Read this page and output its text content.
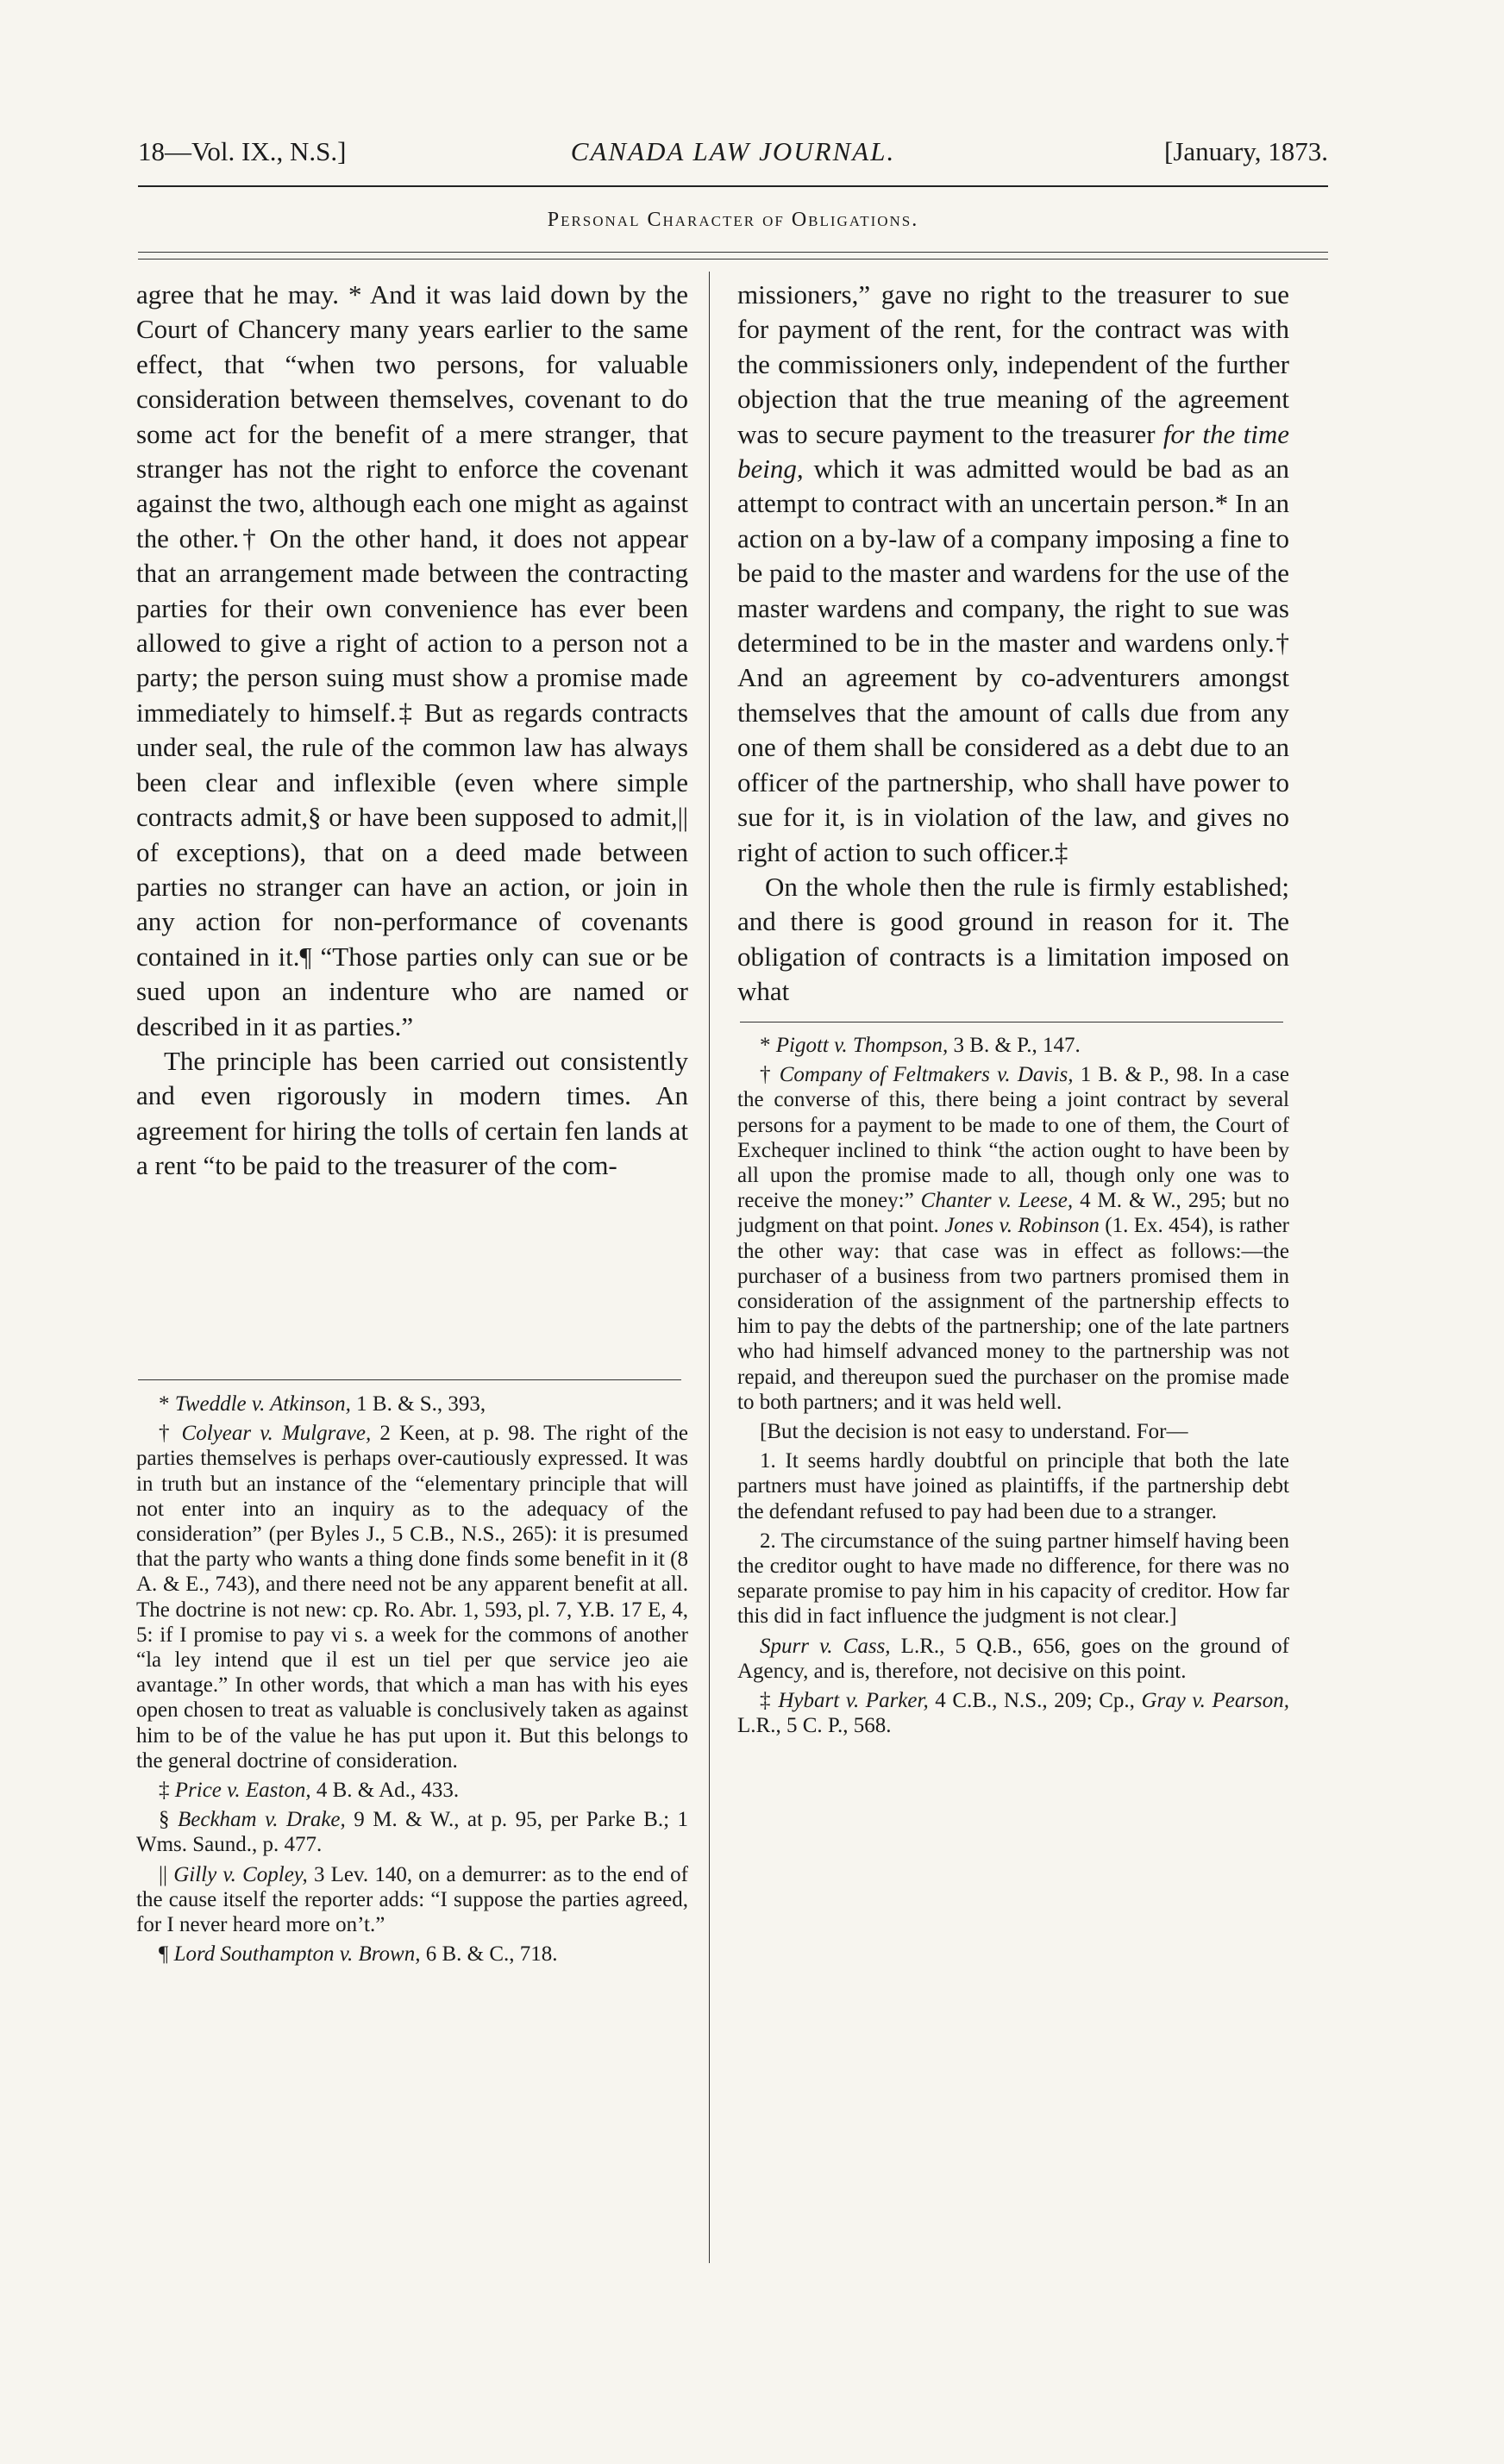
18—Vol. IX., N.S.]	CANADA LAW JOURNAL.	[January, 1873.
Personal Character of Obligations.

agree that he may. * And it was laid down by the Court of Chancery many years earlier to the same effect, that “when two persons, for valuable consideration between themselves, covenant to do some act for the benefit of a mere stranger, that stranger has not the right to enforce the covenant against the two, although each one might as against the other.† On the other hand, it does not appear that an arrangement made between the contracting parties for their own convenience has ever been allowed to give a right of action to a person not a party; the person suing must show a promise made immediately to himself.‡ But as regards contracts under seal, the rule of the common law has always been clear and inflexible (even where simple contracts admit,§ or have been supposed to admit,|| of exceptions), that on a deed made between parties no stranger can have an action, or join in any action for non-performance of covenants contained in it.¶ “Those parties only can sue or be sued upon an indenture who are named or described in it as parties.”

The principle has been carried out consistently and even rigorously in modern times. An agreement for hiring the tolls of certain fen lands at a rent “to be paid to the treasurer of the com-

* Tweddle v. Atkinson, 1 B. & S., 393,

† Colyear v. Mulgrave, 2 Keen, at p. 98. The right of the parties themselves is perhaps over-cautiously expressed. It was in truth but an instance of the “elementary principle that will not enter into an inquiry as to the adequacy of the consideration” (per Byles J., 5 C.B., N.S., 265): it is presumed that the party who wants a thing done finds some benefit in it (8 A. & E., 743), and there need not be any apparent benefit at all. The doctrine is not new: cp. Ro. Abr. 1, 593, pl. 7, Y.B. 17 E, 4, 5: if I promise to pay vi s. a week for the commons of another “la ley intend que il est un tiel per que service jeo aie avantage.” In other words, that which a man has with his eyes open chosen to treat as valuable is conclusively taken as against him to be of the value he has put upon it. But this belongs to the general doctrine of consideration.

‡ Price v. Easton, 4 B. & Ad., 433.

§ Beckham v. Drake, 9 M. & W., at p. 95, per Parke B.; 1 Wms. Saund., p. 477.

|| Gilly v. Copley, 3 Lev. 140, on a demurrer: as to the end of the cause itself the reporter adds: “I suppose the parties agreed, for I never heard more on’t.”

¶ Lord Southampton v. Brown, 6 B. & C., 718.

missioners,” gave no right to the treasurer to sue for payment of the rent, for the contract was with the commissioners only, independent of the further objection that the true meaning of the agreement was to secure payment to the treasurer for the time being, which it was admitted would be bad as an attempt to contract with an uncertain person.* In an action on a by-law of a company imposing a fine to be paid to the master and wardens for the use of the master wardens and company, the right to sue was determined to be in the master and wardens only.† And an agreement by co-adventurers amongst themselves that the amount of calls due from any one of them shall be considered as a debt due to an officer of the partnership, who shall have power to sue for it, is in violation of the law, and gives no right of action to such officer.‡

On the whole then the rule is firmly established; and there is good ground in reason for it. The obligation of contracts is a limitation imposed on what

* Pigott v. Thompson, 3 B. & P., 147.

† Company of Feltmakers v. Davis, 1 B. & P., 98. In a case the converse of this, there being a joint contract by several persons for a payment to be made to one of them, the Court of Exchequer inclined to think “the action ought to have been by all upon the promise made to all, though only one was to receive the money:” Chanter v. Leese, 4 M. & W., 295; but no judgment on that point. Jones v. Robinson (1. Ex. 454), is rather the other way: that case was in effect as follows:—the purchaser of a business from two partners promised them in consideration of the assignment of the partnership effects to him to pay the debts of the partnership; one of the late partners who had himself advanced money to the partnership was not repaid, and thereupon sued the purchaser on the promise made to both partners; and it was held well.

[But the decision is not easy to understand. For—

1. It seems hardly doubtful on principle that both the late partners must have joined as plaintiffs, if the partnership debt the defendant refused to pay had been due to a stranger.

2. The circumstance of the suing partner himself having been the creditor ought to have made no difference, for there was no separate promise to pay him in his capacity of creditor. How far this did in fact influence the judgment is not clear.]

Spurr v. Cass, L.R., 5 Q.B., 656, goes on the ground of Agency, and is, therefore, not decisive on this point.

‡ Hybart v. Parker, 4 C.B., N.S., 209; Cp., Gray v. Pearson, L.R., 5 C. P., 568.
